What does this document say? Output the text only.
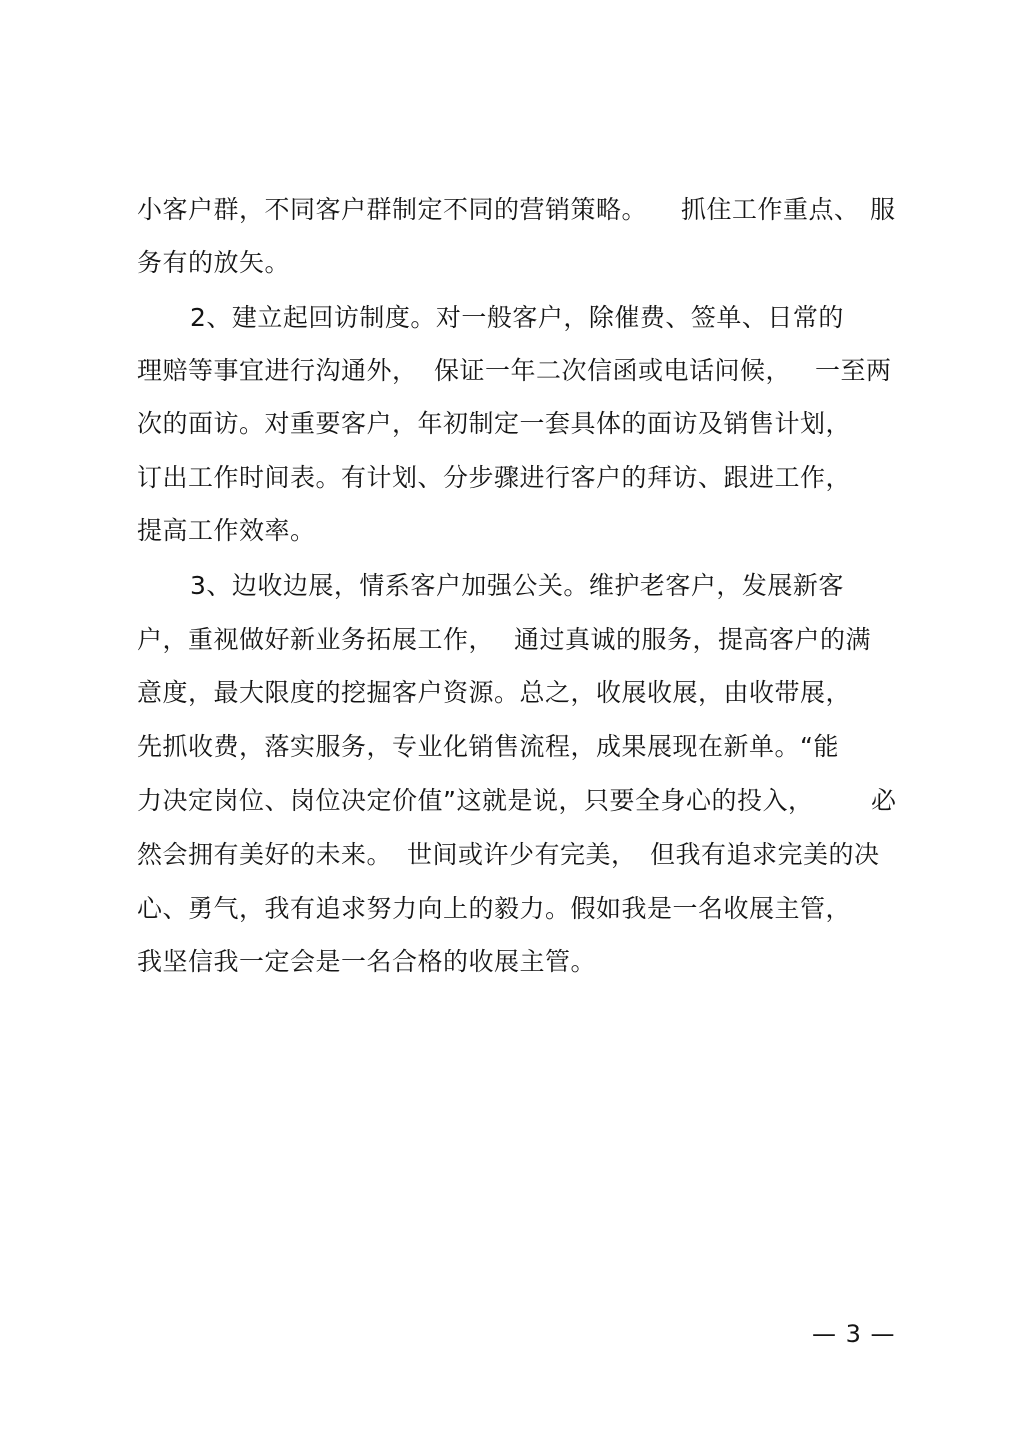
小客户群，不同客户群制定不同的营销策略。 抓住工作重点、 服
务有的放矢。
2、建立起回访制度。对一般客户，除催费、签单、日常的
理赔等事宜进行沟通外， 保证一年二次信函或电话问候， 一至两
次的面访。对重要客户，年初制定一套具体的面访及销售计划，
订出工作时间表。有计划、分步骤进行客户的拜访、跟进工作，
提高工作效率。
3、边收边展，情系客户加强公关。维护老客户，发展新客
户，重视做好新业务拓展工作， 通过真诚的服务，提高客户的满
意度，最大限度的挖掘客户资源。总之，收展收展，由收带展，
先抓收费，落实服务，专业化销售流程，成果展现在新单。“能
力决定岗位、岗位决定价值”这就是说，只要全身心的投入， 必
然会拥有美好的未来。 世间或许少有完美， 但我有追求完美的决
心、勇气，我有追求努力向上的毅力。假如我是一名收展主管，
我坚信我一定会是一名合格的收展主管。
— 3 —
